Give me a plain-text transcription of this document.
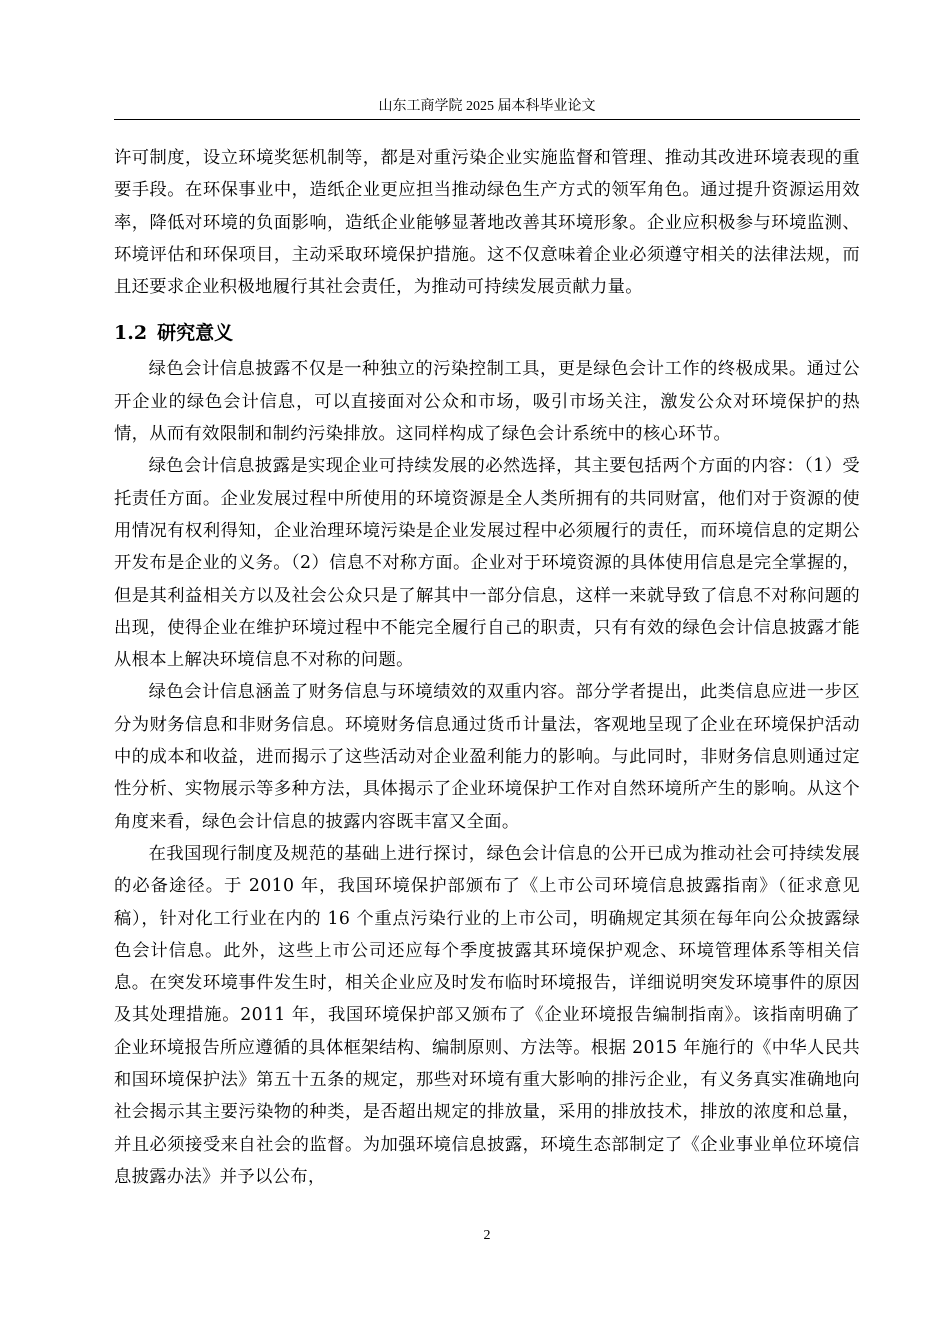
山东工商学院 2025 届本科毕业论文

许可制度，设立环境奖惩机制等，都是对重污染企业实施监督和管理、推动其改进环境表现的重要手段。在环保事业中，造纸企业更应担当推动绿色生产方式的领军角色。通过提升资源运用效率，降低对环境的负面影响，造纸企业能够显著地改善其环境形象。企业应积极参与环境监测、环境评估和环保项目，主动采取环境保护措施。这不仅意味着企业必须遵守相关的法律法规，而且还要求企业积极地履行其社会责任，为推动可持续发展贡献力量。

1.2 研究意义

绿色会计信息披露不仅是一种独立的污染控制工具，更是绿色会计工作的终极成果。通过公开企业的绿色会计信息，可以直接面对公众和市场，吸引市场关注，激发公众对环境保护的热情，从而有效限制和制约污染排放。这同样构成了绿色会计系统中的核心环节。

绿色会计信息披露是实现企业可持续发展的必然选择，其主要包括两个方面的内容：（1）受托责任方面。企业发展过程中所使用的环境资源是全人类所拥有的共同财富，他们对于资源的使用情况有权利得知，企业治理环境污染是企业发展过程中必须履行的责任，而环境信息的定期公开发布是企业的义务。（2）信息不对称方面。企业对于环境资源的具体使用信息是完全掌握的，但是其利益相关方以及社会公众只是了解其中一部分信息，这样一来就导致了信息不对称问题的出现，使得企业在维护环境过程中不能完全履行自己的职责，只有有效的绿色会计信息披露才能从根本上解决环境信息不对称的问题。

绿色会计信息涵盖了财务信息与环境绩效的双重内容。部分学者提出，此类信息应进一步区分为财务信息和非财务信息。环境财务信息通过货币计量法，客观地呈现了企业在环境保护活动中的成本和收益，进而揭示了这些活动对企业盈利能力的影响。与此同时，非财务信息则通过定性分析、实物展示等多种方法，具体揭示了企业环境保护工作对自然环境所产生的影响。从这个角度来看，绿色会计信息的披露内容既丰富又全面。

在我国现行制度及规范的基础上进行探讨，绿色会计信息的公开已成为推动社会可持续发展的必备途径。于 2010 年，我国环境保护部颁布了《上市公司环境信息披露指南》（征求意见稿），针对化工行业在内的 16 个重点污染行业的上市公司，明确规定其须在每年向公众披露绿色会计信息。此外，这些上市公司还应每个季度披露其环境保护观念、环境管理体系等相关信息。在突发环境事件发生时，相关企业应及时发布临时环境报告，详细说明突发环境事件的原因及其处理措施。2011 年，我国环境保护部又颁布了《企业环境报告编制指南》。该指南明确了企业环境报告所应遵循的具体框架结构、编制原则、方法等。根据 2015 年施行的《中华人民共和国环境保护法》第五十五条的规定，那些对环境有重大影响的排污企业，有义务真实准确地向社会揭示其主要污染物的种类，是否超出规定的排放量，采用的排放技术，排放的浓度和总量，并且必须接受来自社会的监督。为加强环境信息披露，环境生态部制定了《企业事业单位环境信息披露办法》并予以公布，

2
